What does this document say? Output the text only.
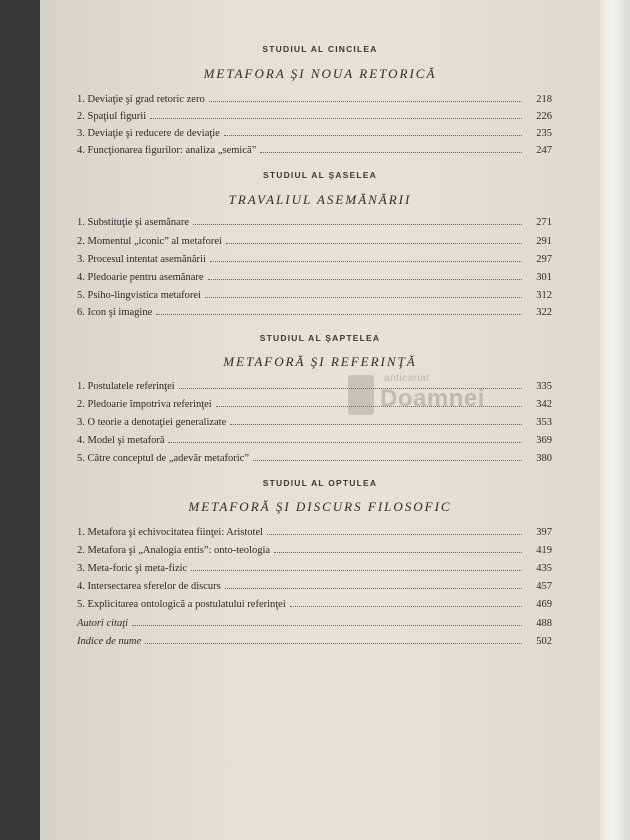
STUDIUL AL CINCILEA
METAFORA ŞI NOUA RETORICĂ
1. Deviaţie şi grad retoric zero	218
2. Spaţiul figurii	226
3. Deviaţie şi reducere de deviaţie	235
4. Funcţionarea figurilor: analiza „semică”	247
STUDIUL AL ŞASELEA
TRAVALIUL ASEMĂNĂRII
1. Substituţie şi asemănare	271
2. Momentul „iconic” al metaforei	291
3. Procesul intentat asemănării	297
4. Pledoarie pentru asemănare	301
5. Psiho-lingvistica metaforei	312
6. Icon şi imagine	322
STUDIUL AL ŞAPTELEA
METAFORĂ ŞI REFERINŢĂ
1. Postulatele referinţei	335
2. Pledoarie împotriva referinţei	342
3. O teorie a denotaţiei generalizate	353
4. Model şi metaforă	369
5. Către conceptul de „adevăr metaforic”	380
STUDIUL AL OPTULEA
METAFORĂ ŞI DISCURS FILOSOFIC
1. Metafora şi echivocitatea fiinţei: Aristotel	397
2. Metafora şi „Analogia entis”: onto-teologia	419
3. Meta-foric şi meta-fizic	435
4. Intersectarea sferelor de discurs	457
5. Explicitarea ontologică a postulatului referinţei	469
Autori citaţi	488
Indice de nume	502
anticariat
Doamnei
